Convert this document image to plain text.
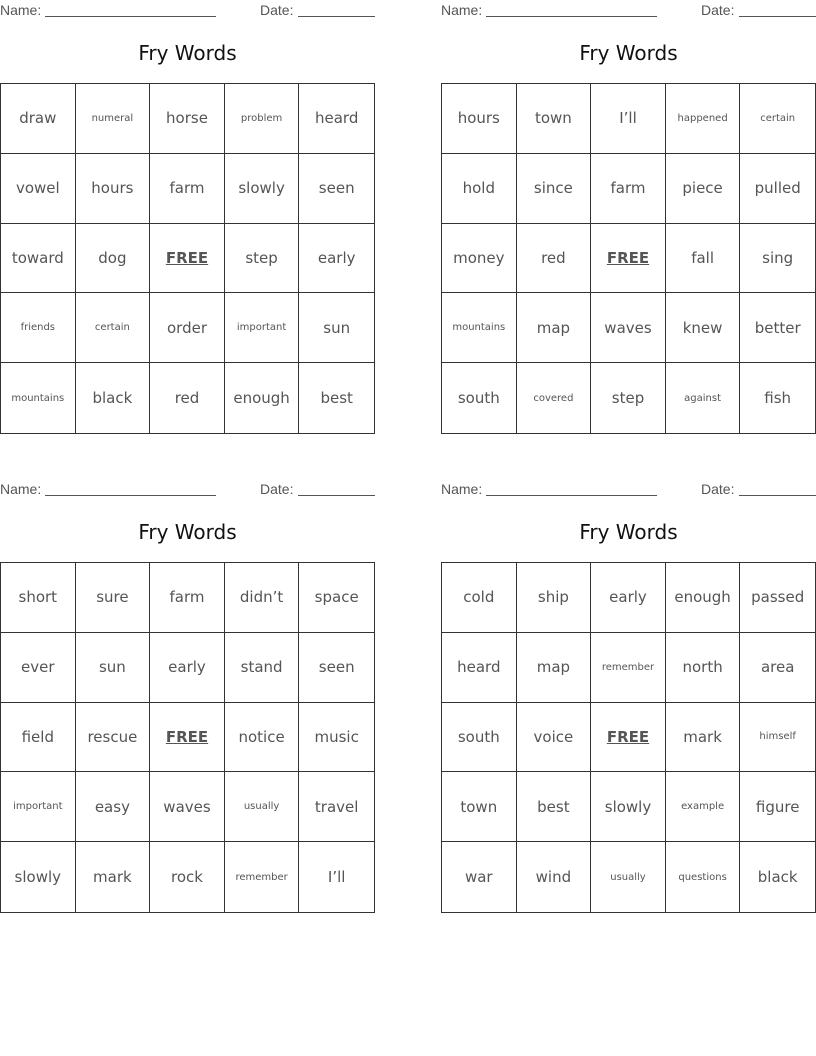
Name:	Date:
Fry Words
draw	numeral	horse	problem	heard
vowel	hours	farm	slowly	seen
toward	dog	FREE	step	early
friends	certain	order	important	sun
mountains	black	red	enough	best
Name:	Date:
Fry Words
hours	town	I’ll	happened	certain
hold	since	farm	piece	pulled
money	red	FREE	fall	sing
mountains	map	waves	knew	better
south	covered	step	against	fish
Name:	Date:
Fry Words
short	sure	farm	didn’t	space
ever	sun	early	stand	seen
field	rescue	FREE	notice	music
important	easy	waves	usually	travel
slowly	mark	rock	remember	I’ll
Name:	Date:
Fry Words
cold	ship	early	enough	passed
heard	map	remember	north	area
south	voice	FREE	mark	himself
town	best	slowly	example	figure
war	wind	usually	questions	black
